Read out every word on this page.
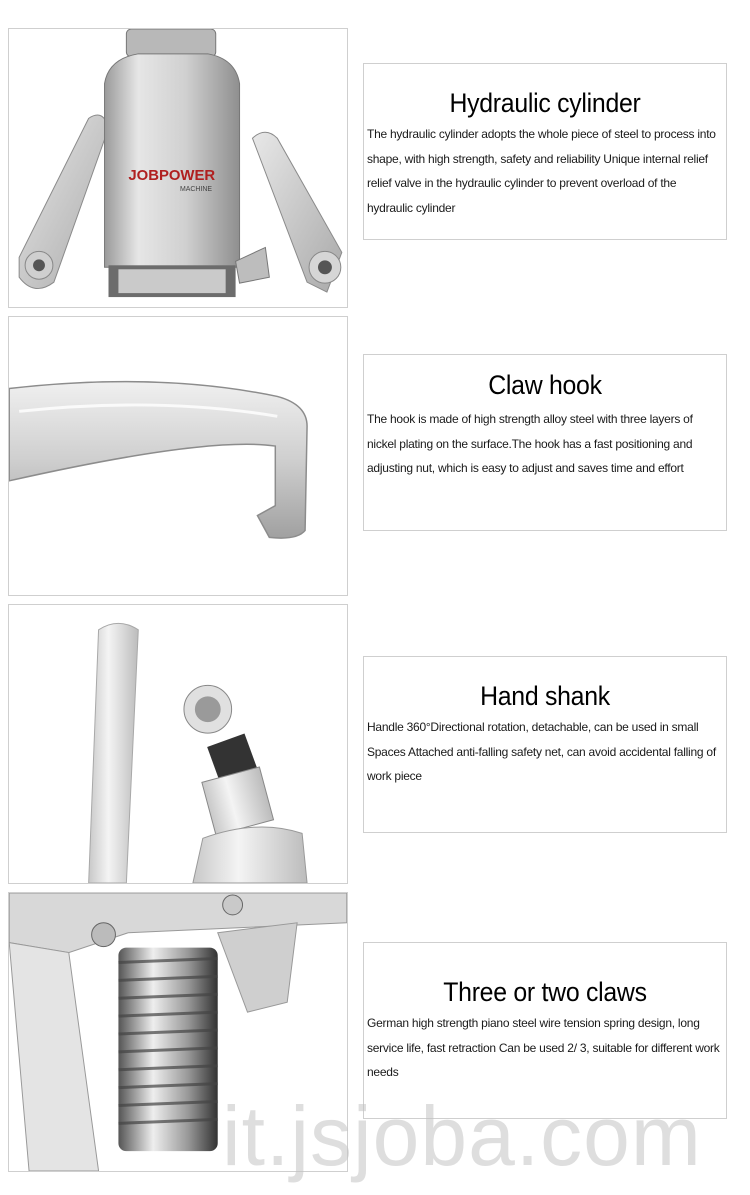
JOBPOWER
MACHINE
Hydraulic cylinder

The hydraulic cylinder adopts the whole piece of steel to process into shape, with high strength, safety and reliability Unique internal relief relief valve in the hydraulic cylinder to prevent overload of the hydraulic cylinder

Claw hook

The hook is made of high strength alloy steel with three layers of nickel plating on the surface.The hook has a fast positioning and adjusting nut, which is easy to adjust and saves time and effort

Hand shank

Handle 360°Directional rotation, detachable, can be used in small Spaces Attached anti-falling safety net, can avoid accidental falling of work piece

Three or two claws

German high strength piano steel wire tension spring design, long service life, fast retraction Can be used 2/ 3, suitable for different work needs

it.jsjoba.com
